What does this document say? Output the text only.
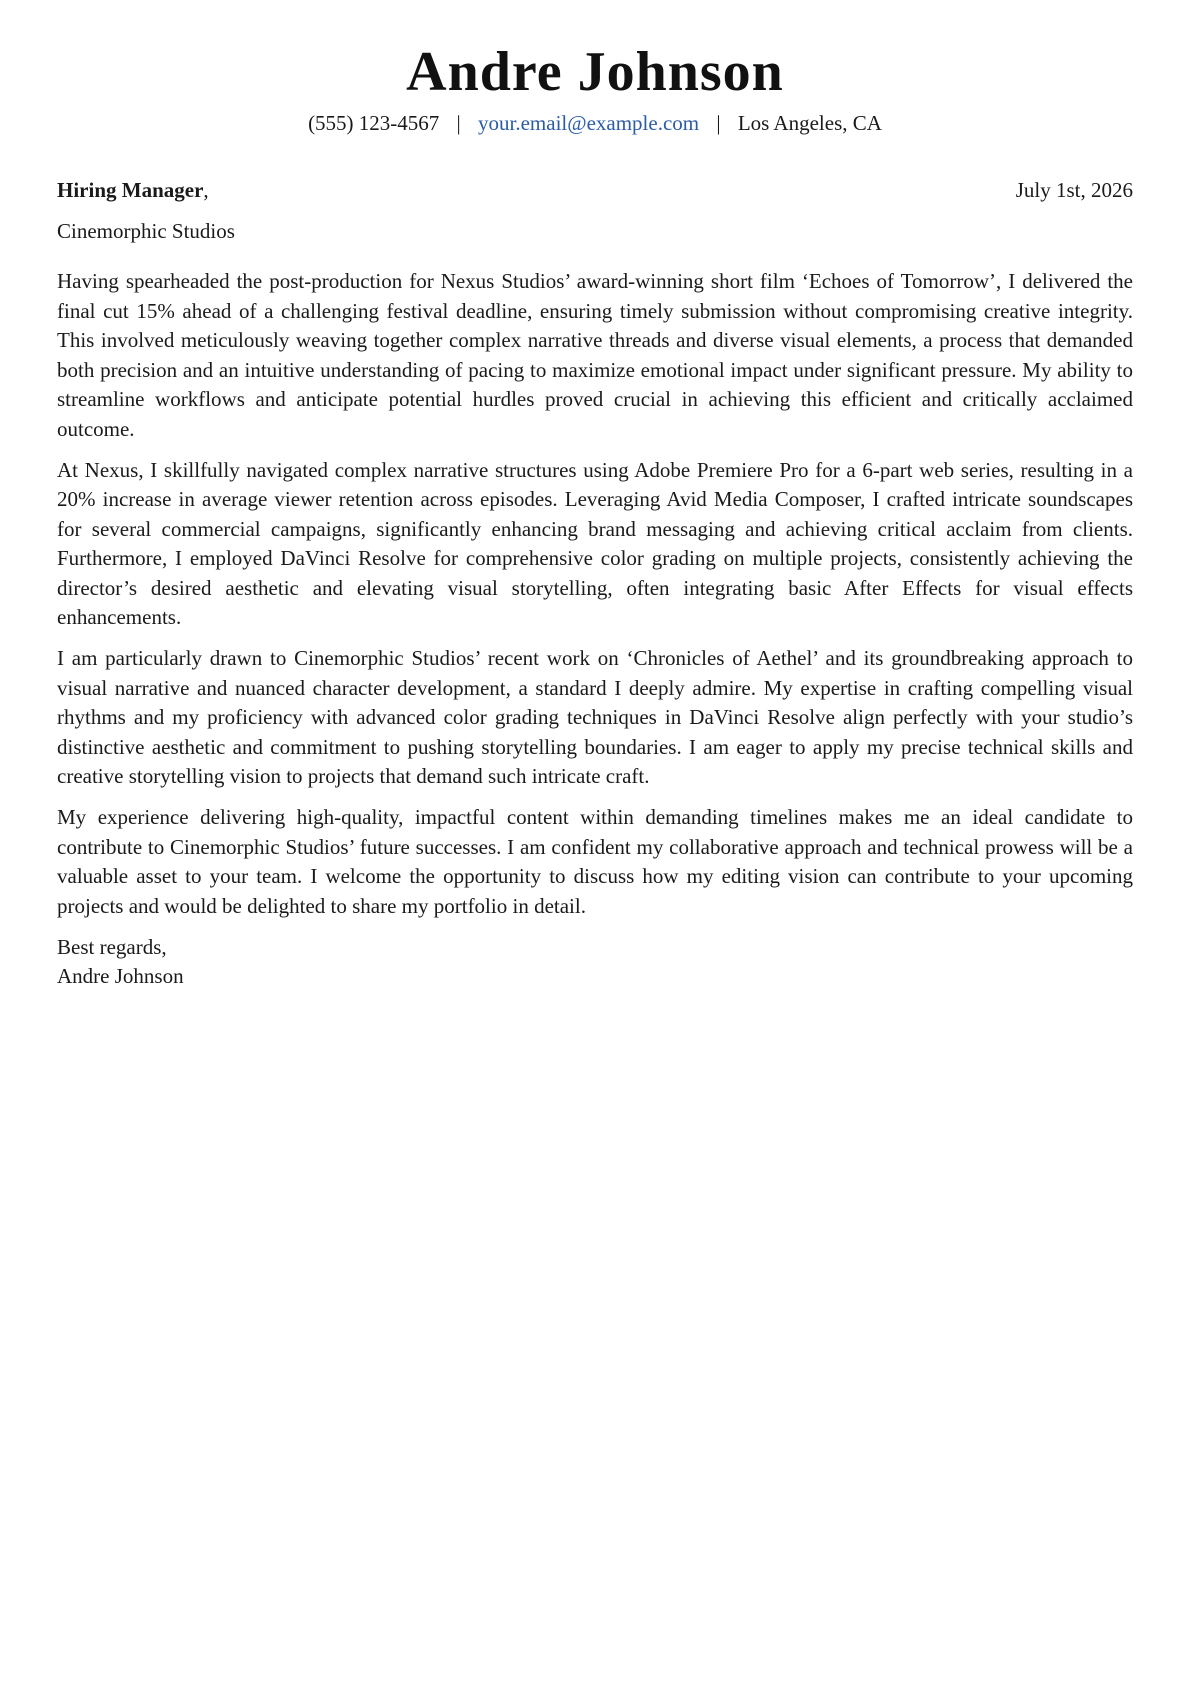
Andre Johnson
(555) 123-4567 | your.email@example.com | Los Angeles, CA
Hiring Manager,	July 1st, 2026
Cinemorphic Studios

Having spearheaded the post-production for Nexus Studios’ award-winning short film ‘Echoes of Tomorrow’, I delivered the final cut 15% ahead of a challenging festival deadline, ensuring timely submission without compromising creative integrity. This involved meticulously weaving together complex narrative threads and diverse visual elements, a process that demanded both precision and an intuitive understanding of pacing to maximize emotional impact under significant pressure. My ability to streamline workflows and anticipate potential hurdles proved crucial in achieving this efficient and critically acclaimed outcome.

At Nexus, I skillfully navigated complex narrative structures using Adobe Premiere Pro for a 6-part web series, resulting in a 20% increase in average viewer retention across episodes. Leveraging Avid Media Composer, I crafted intricate soundscapes for several commercial campaigns, significantly enhancing brand messaging and achieving critical acclaim from clients. Furthermore, I employed DaVinci Resolve for comprehensive color grading on multiple projects, consistently achieving the director’s desired aesthetic and elevating visual storytelling, often integrating basic After Effects for visual effects enhancements.

I am particularly drawn to Cinemorphic Studios’ recent work on ‘Chronicles of Aethel’ and its groundbreaking approach to visual narrative and nuanced character development, a standard I deeply admire. My expertise in crafting compelling visual rhythms and my proficiency with advanced color grading techniques in DaVinci Resolve align perfectly with your studio’s distinctive aesthetic and commitment to pushing storytelling boundaries. I am eager to apply my precise technical skills and creative storytelling vision to projects that demand such intricate craft.

My experience delivering high-quality, impactful content within demanding timelines makes me an ideal candidate to contribute to Cinemorphic Studios’ future successes. I am confident my collaborative approach and technical prowess will be a valuable asset to your team. I welcome the opportunity to discuss how my editing vision can contribute to your upcoming projects and would be delighted to share my portfolio in detail.

Best regards,
Andre Johnson
